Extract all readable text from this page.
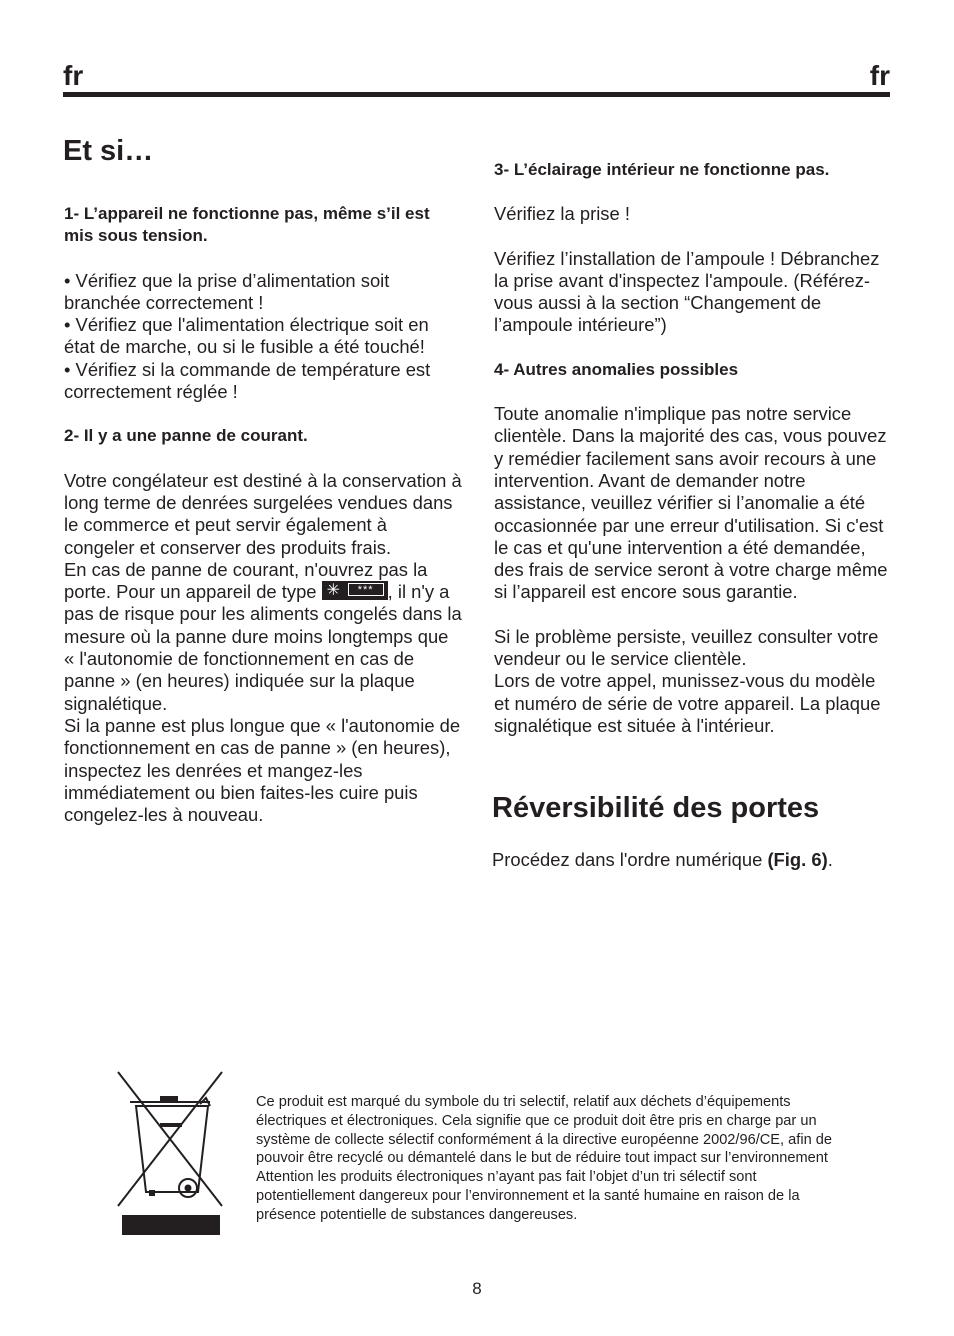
fr	fr
Et si…

1- L’appareil ne fonctionne pas, même s’il est mis sous tension.

• Vérifiez que la prise d’alimentation soit branchée correctement !

• Vérifiez que l'alimentation électrique soit en état de marche, ou si le fusible a été touché!

• Vérifiez si la commande de température est correctement réglée !

2- Il y a une panne de courant.

Votre congélateur est destiné à la conservation à long terme de denrées surgelées vendues dans le commerce et peut servir également à congeler et conserver des produits frais.

En cas de panne de courant, n'ouvrez pas la porte. Pour un appareil de type ✳	*** , il n'y a pas de risque pour les aliments congelés dans la mesure où la panne dure moins longtemps que « l'autonomie de fonctionnement en cas de panne » (en heures) indiquée sur la plaque signalétique.

Si la panne est plus longue que « l'autonomie de fonctionnement en cas de panne » (en heures), inspectez les denrées et mangez-les immédiatement ou bien faites-les cuire puis congelez-les à nouveau.

3- L’éclairage intérieur ne fonctionne pas.

Vérifiez la prise !

Vérifiez l’installation de l’ampoule ! Débranchez la prise avant d'inspectez l'ampoule. (Référez-vous aussi à la section “Changement de l’ampoule intérieure”)

4- Autres anomalies possibles

Toute anomalie n'implique pas notre service clientèle. Dans la majorité des cas, vous pouvez y remédier facilement sans avoir recours à une intervention. Avant de demander notre assistance, veuillez vérifier si l’anomalie a été occasionnée par une erreur d'utilisation. Si c'est le cas et qu'une intervention a été demandée, des frais de service seront à votre charge même si l’appareil est encore sous garantie.

Si le problème persiste, veuillez consulter votre vendeur ou le service clientèle.

Lors de votre appel, munissez-vous du modèle et numéro de série de votre appareil. La plaque signalétique est située à l'intérieur.

Réversibilité des portes
Procédez dans l'ordre numérique (Fig. 6).

Ce produit est marqué du symbole du tri selectif, relatif aux déchets d’équipements électriques et électroniques. Cela signifie que ce produit doit être pris en charge par un système de collecte sélectif conformément á la directive européenne 2002/96/CE, afin de pouvoir être recyclé ou démantelé dans le but de réduire tout impact sur l’environnement Attention les produits électroniques n’ayant pas fait l’objet d’un tri sélectif sont potentiellement dangereux pour l’environnement et la santé humaine en raison de la présence potentielle de substances dangereuses.

8
